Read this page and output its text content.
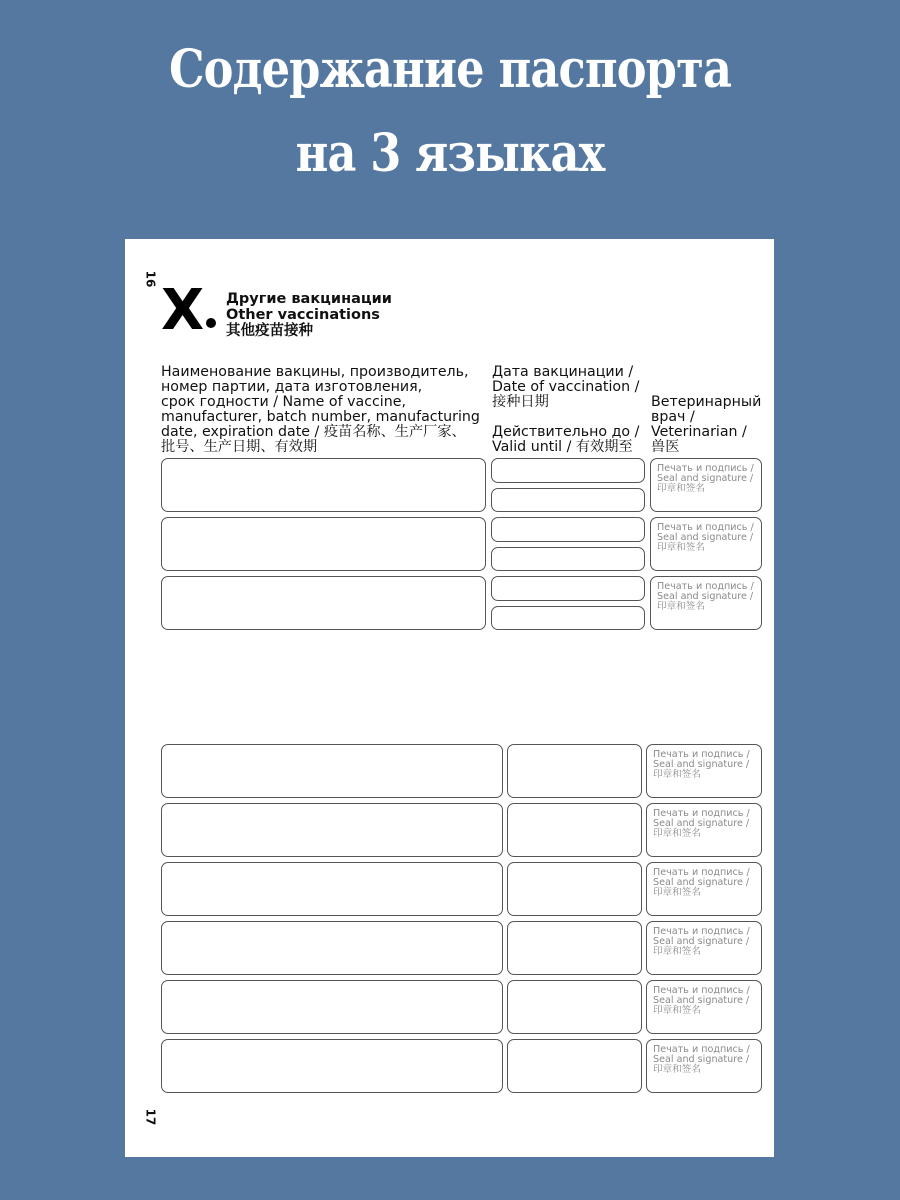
Содержание паспорта
на 3 языках
16
17
X Другие вакцинации
Other vaccinations
其他疫苗接种
Наименование вакцины, производитель,
номер партии, дата изготовления,
срок годности / Name of vaccine,
manufacturer, batch number, manufacturing
date, expiration date / 疫苗名称、生产厂家、
批号、生产日期、有效期
Дата вакцинации /
Date of vaccination /
接种日期
Действительно до /
Valid until / 有效期至
Ветеринарный
врач /
Veterinarian /
兽医
Печать и подпись /
Seal and signature /
印章和签名
Печать и подпись /
Seal and signature /
印章和签名
Печать и подпись /
Seal and signature /
印章和签名
Печать и подпись /
Seal and signature /
印章和签名
Печать и подпись /
Seal and signature /
印章和签名
Печать и подпись /
Seal and signature /
印章和签名
Печать и подпись /
Seal and signature /
印章和签名
Печать и подпись /
Seal and signature /
印章和签名
Печать и подпись /
Seal and signature /
印章和签名
